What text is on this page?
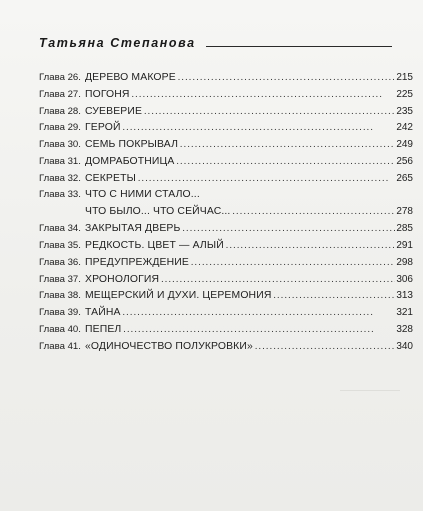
Татьяна Степанова
Глава 26. ДЕРЕВО МАКОРЕ . . .	215
Глава 27. ПОГОНЯ . . .	225
Глава 28. СУЕВЕРИЕ . . .	235
Глава 29. ГЕРОЙ . . .	242
Глава 30. СЕМЬ ПОКРЫВАЛ . . .	249
Глава 31. ДОМРАБОТНИЦА . . .	256
Глава 32. СЕКРЕТЫ . . .	265
Глава 33. ЧТО С НИМИ СТАЛО...
ЧТО БЫЛО... ЧТО СЕЙЧАС... . . .	278
Глава 34. ЗАКРЫТАЯ ДВЕРЬ . . .	285
Глава 35. РЕДКОСТЬ. ЦВЕТ — АЛЫЙ . . .	291
Глава 36. ПРЕДУПРЕЖДЕНИЕ . . .	298
Глава 37. ХРОНОЛОГИЯ . . .	306
Глава 38. МЕЩЕРСКИЙ И ДУХИ. ЦЕРЕМОНИЯ . . .	313
Глава 39. ТАЙНА . . .	321
Глава 40. ПЕПЕЛ . . .	328
Глава 41. «ОДИНОЧЕСТВО ПОЛУКРОВКИ» . . .	340
